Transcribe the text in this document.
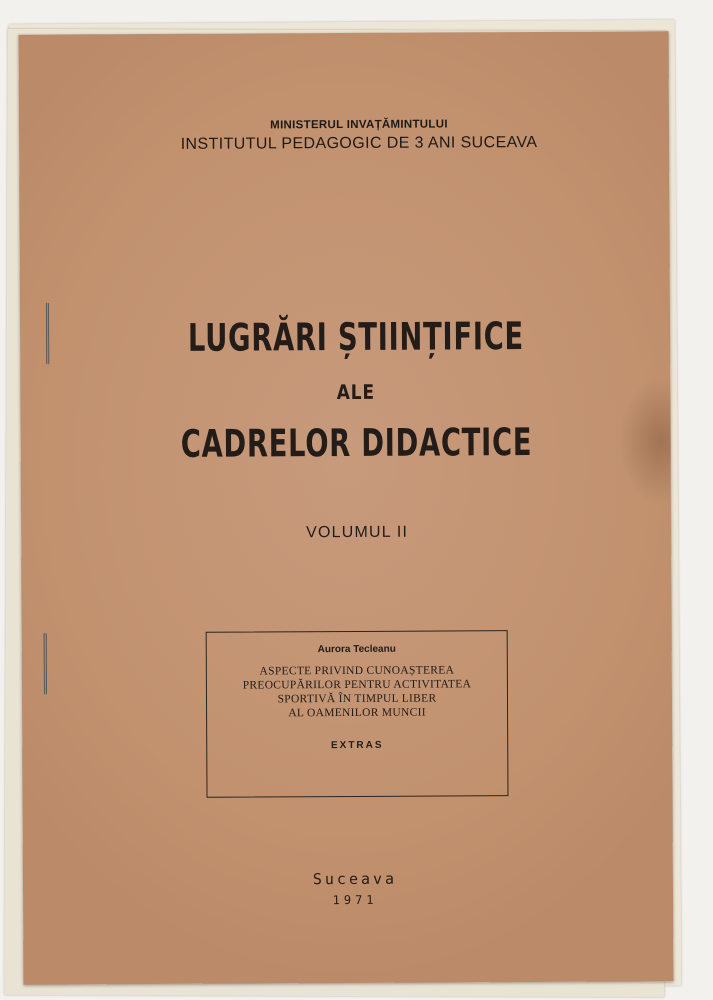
MINISTERUL INVAȚĂMINTULUI
INSTITUTUL PEDAGOGIC DE 3 ANI SUCEAVA
LUGRĂRI ȘTIINȚIFICE
ALE
CADRELOR DIDACTICE
VOLUMUL II
Aurora Tecleanu
ASPECTE PRIVIND CUNOAȘTEREA
PREOCUPĂRILOR PENTRU ACTIVITATEA
SPORTIVĂ ÎN TIMPUL LIBER
AL OAMENILOR MUNCII
EXTRAS
Suceava
1971
